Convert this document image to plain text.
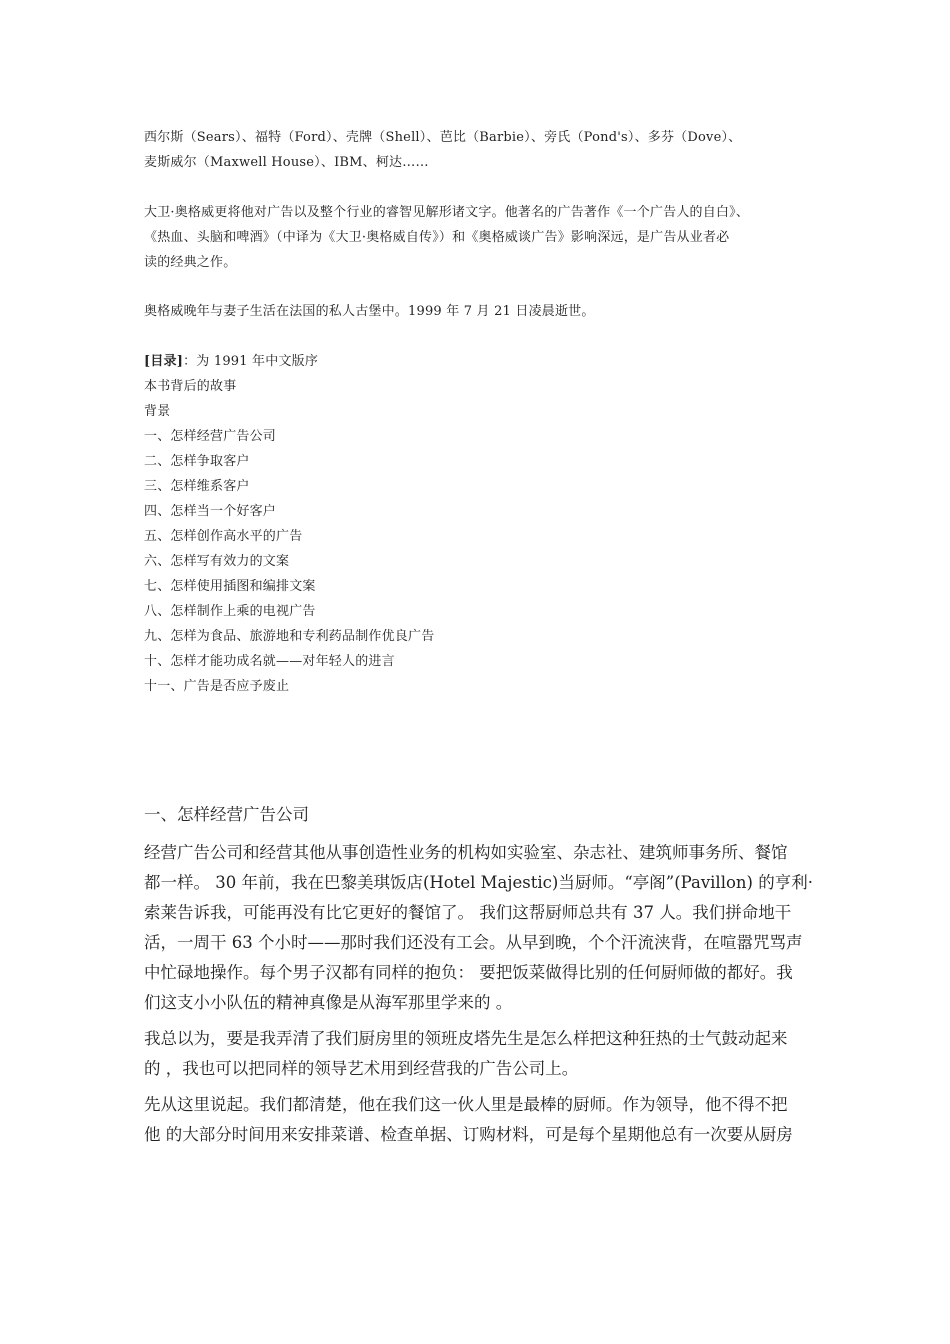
西尔斯（Sears）、福特（Ford）、壳牌（Shell）、芭比（Barbie）、旁氏（Pond's）、多芬（Dove）、

麦斯威尔（Maxwell House）、IBM、柯达……

大卫·奥格威更将他对广告以及整个行业的睿智见解形诸文字。他著名的广告著作《一个广告人的自白》、

《热血、头脑和啤酒》（中译为《大卫·奥格威自传》）和《奥格威谈广告》影响深远，是广告从业者必

读的经典之作。

奥格威晚年与妻子生活在法国的私人古堡中。1999 年 7 月 21 日凌晨逝世。

[目录]：为 1991 年中文版序

本书背后的故事
背景
一、怎样经营广告公司
二、怎样争取客户
三、怎样维系客户
四、怎样当一个好客户
五、怎样创作高水平的广告
六、怎样写有效力的文案
七、怎样使用插图和编排文案
八、怎样制作上乘的电视广告
九、怎样为食品、旅游地和专利药品制作优良广告
十、怎样才能功成名就——对年轻人的进言
十一、广告是否应予废止

一、怎样经营广告公司

经营广告公司和经营其他从事创造性业务的机构如实验室、杂志社、建筑师事务所、餐馆
都一样。 30 年前，我在巴黎美琪饭店(Hotel Majestic)当厨师。“亭阁”(Pavillon) 的亨利·
索莱告诉我，可能再没有比它更好的餐馆了。 我们这帮厨师总共有 37 人。我们拼命地干
活，一周干 63 个小时——那时我们还没有工会。从早到晚，个个汗流浃背，在喧嚣咒骂声
中忙碌地操作。每个男子汉都有同样的抱负： 要把饭菜做得比别的任何厨师做的都好。我
们这支小小队伍的精神真像是从海军那里学来的 。
我总以为，要是我弄清了我们厨房里的领班皮塔先生是怎么样把这种狂热的士气鼓动起来
的 ，我也可以把同样的领导艺术用到经营我的广告公司上。
先从这里说起。我们都清楚，他在我们这一伙人里是最棒的厨师。作为领导，他不得不把
他 的大部分时间用来安排菜谱、检查单据、订购材料，可是每个星期他总有一次要从厨房
